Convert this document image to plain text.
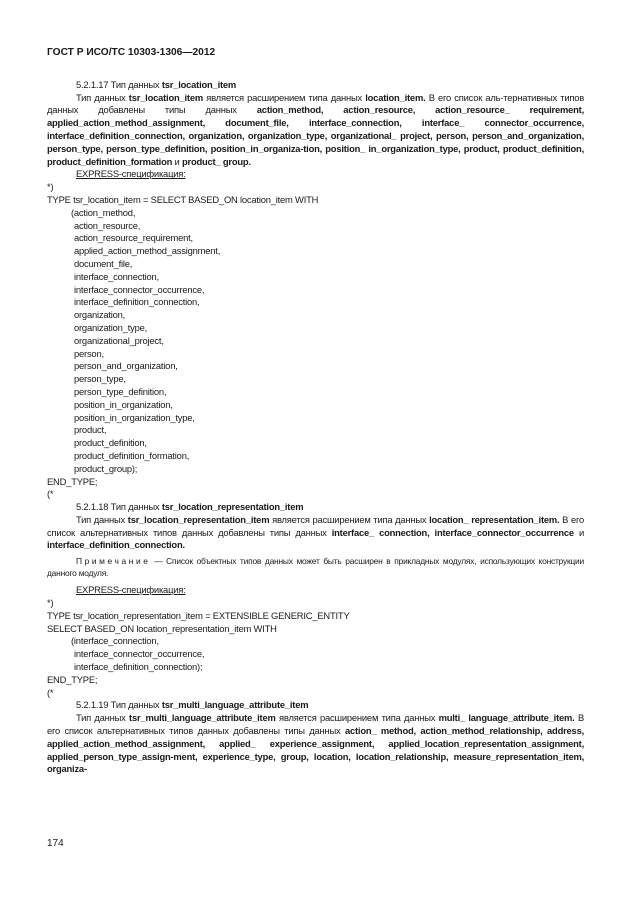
ГОСТ Р ИСО/ТС 10303-1306—2012
5.2.1.17 Тип данных tsr_location_item
Тип данных tsr_location_item является расширением типа данных location_item. В его список аль-тернативных типов данных добавлены типы данных action_method, action_resource, action_resource_ requirement, applied_action_method_assignment, document_file, interface_connection, interface_ connector_occurrence, interface_definition_connection, organization, organization_type, organizational_ project, person, person_and_organization, person_type, person_type_definition, position_in_organiza-tion, position_ in_organization_type, product, product_definition, product_definition_formation и product_ group.
EXPRESS-спецификация:
*)
TYPE tsr_location_item = SELECT BASED_ON location_item WITH
(action_method,
action_resource,
action_resource_requirement,
applied_action_method_assignment,
document_file,
interface_connection,
interface_connector_occurrence,
interface_definition_connection,
organization,
organization_type,
organizational_project,
person,
person_and_organization,
person_type,
person_type_definition,
position_in_organization,
position_in_organization_type,
product,
product_definition,
product_definition_formation,
product_group);
END_TYPE;
(*
5.2.1.18 Тип данных tsr_location_representation_item
Тип данных tsr_location_representation_item является расширением типа данных location_ representation_item. В его список альтернативных типов данных добавлены типы данных interface_ connection, interface_connector_occurrence и interface_definition_connection.
Примечание — Список объектных типов данных может быть расширен в прикладных модулях, использующих конструкции данного модуля.
EXPRESS-спецификация:
*)
TYPE tsr_location_representation_item = EXTENSIBLE GENERIC_ENTITY
SELECT BASED_ON location_representation_item WITH
(interface_connection,
interface_connector_occurrence,
interface_definition_connection);
END_TYPE;
(*
5.2.1.19 Тип данных tsr_multi_language_attribute_item
Тип данных tsr_multi_language_attribute_item является расширением типа данных multi_ language_attribute_item. В его список альтернативных типов данных добавлены типы данных action_ method, action_method_relationship, address, applied_action_method_assignment, applied_ experience_assignment, applied_location_representation_assignment, applied_person_type_assign-ment, experience_type, group, location, location_relationship, measure_representation_item, organiza-
174
